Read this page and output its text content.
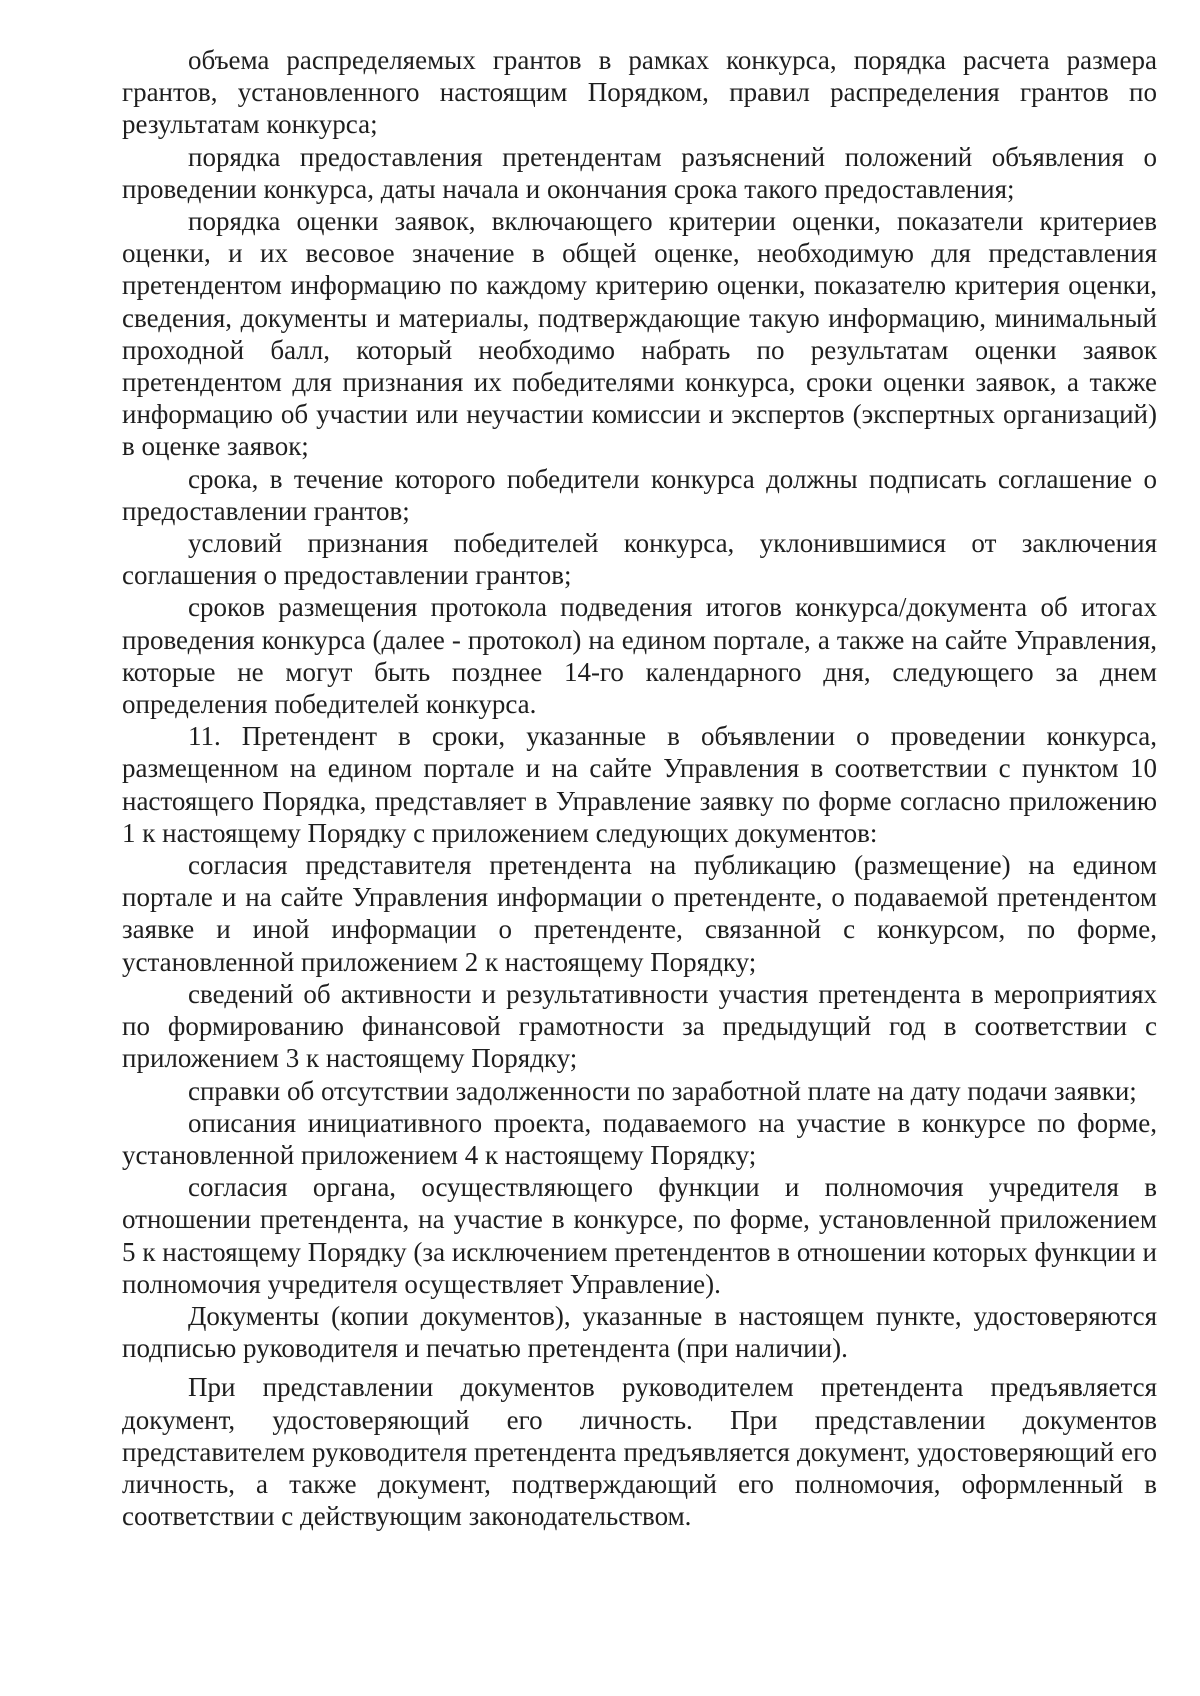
объема распределяемых грантов в рамках конкурса, порядка расчета размера грантов, установленного настоящим Порядком, правил распределения грантов по результатам конкурса;

порядка предоставления претендентам разъяснений положений объявления о проведении конкурса, даты начала и окончания срока такого предоставления;

порядка оценки заявок, включающего критерии оценки, показатели критериев оценки, и их весовое значение в общей оценке, необходимую для представления претендентом информацию по каждому критерию оценки, показателю критерия оценки, сведения, документы и материалы, подтверждающие такую информацию, минимальный проходной балл, который необходимо набрать по результатам оценки заявок претендентом для признания их победителями конкурса, сроки оценки заявок, а также информацию об участии или неучастии комиссии и экспертов (экспертных организаций) в оценке заявок;

срока, в течение которого победители конкурса должны подписать соглашение о предоставлении грантов;

условий признания победителей конкурса, уклонившимися от заключения соглашения о предоставлении грантов;

сроков размещения протокола подведения итогов конкурса/документа об итогах проведения конкурса (далее - протокол) на едином портале, а также на сайте Управления, которые не могут быть позднее 14-го календарного дня, следующего за днем определения победителей конкурса.

11. Претендент в сроки, указанные в объявлении о проведении конкурса, размещенном на едином портале и на сайте Управления в соответствии с пунктом 10 настоящего Порядка, представляет в Управление заявку по форме согласно приложению 1 к настоящему Порядку с приложением следующих документов:

согласия представителя претендента на публикацию (размещение) на едином портале и на сайте Управления информации о претенденте, о подаваемой претендентом заявке и иной информации о претенденте, связанной с конкурсом, по форме, установленной приложением 2 к настоящему Порядку;

сведений об активности и результативности участия претендента в мероприятиях по формированию финансовой грамотности за предыдущий год в соответствии с приложением 3 к настоящему Порядку;

справки об отсутствии задолженности по заработной плате на дату подачи заявки;

описания инициативного проекта, подаваемого на участие в конкурсе по форме, установленной приложением 4 к настоящему Порядку;

согласия органа, осуществляющего функции и полномочия учредителя в отношении претендента, на участие в конкурсе, по форме, установленной приложением 5 к настоящему Порядку (за исключением претендентов в отношении которых функции и полномочия учредителя осуществляет Управление).

Документы (копии документов), указанные в настоящем пункте, удостоверяются подписью руководителя и печатью претендента (при наличии).

При представлении документов руководителем претендента предъявляется документ, удостоверяющий его личность. При представлении документов представителем руководителя претендента предъявляется документ, удостоверяющий его личность, а также документ, подтверждающий его полномочия, оформленный в соответствии с действующим законодательством.
